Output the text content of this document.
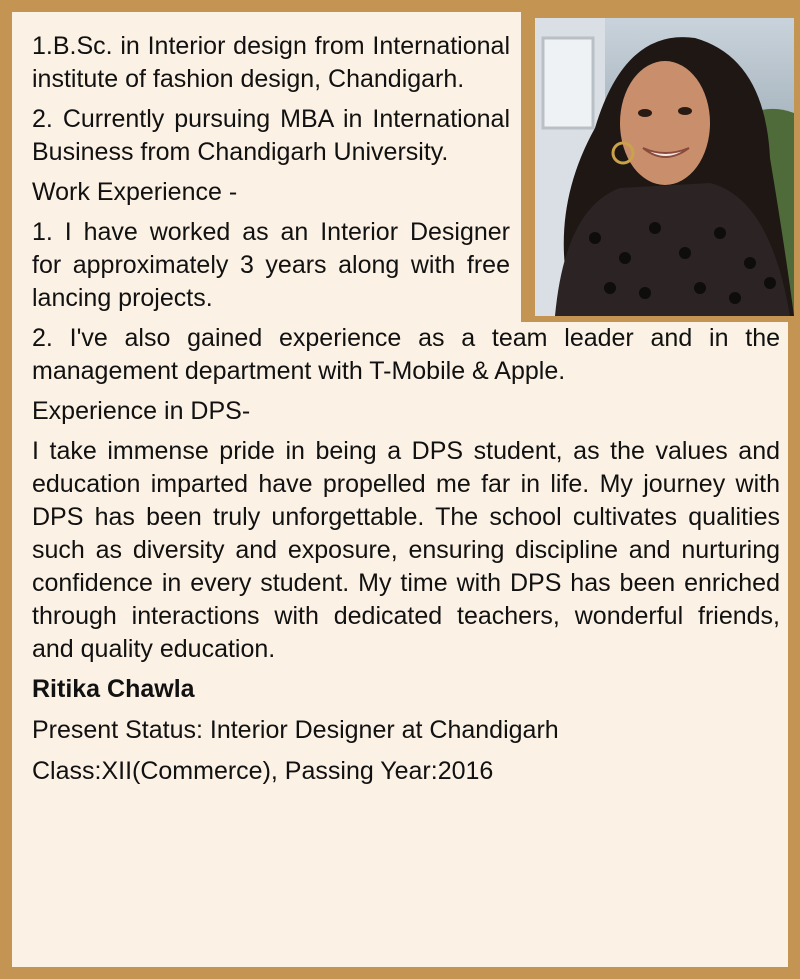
1.B.Sc. in Interior design from International institute of fashion design, Chandigarh.

2. Currently pursuing MBA in International Business from Chandigarh University.

Work Experience -

1. I have worked as an Interior Designer for approximately 3 years along with free lancing projects.

2. I've also gained experience as a team leader and in the management department with T-Mobile & Apple.

Experience in DPS-

I take immense pride in being a DPS student, as the values and education imparted have propelled me far in life. My journey with DPS has been truly unforgettable. The school cultivates qualities such as diversity and exposure, ensuring discipline and nurturing confidence in every student. My time with DPS has been enriched through interactions with dedicated teachers, wonderful friends, and quality education.

Ritika Chawla

Present Status: Interior Designer at Chandigarh

Class:XII(Commerce), Passing Year:2016
